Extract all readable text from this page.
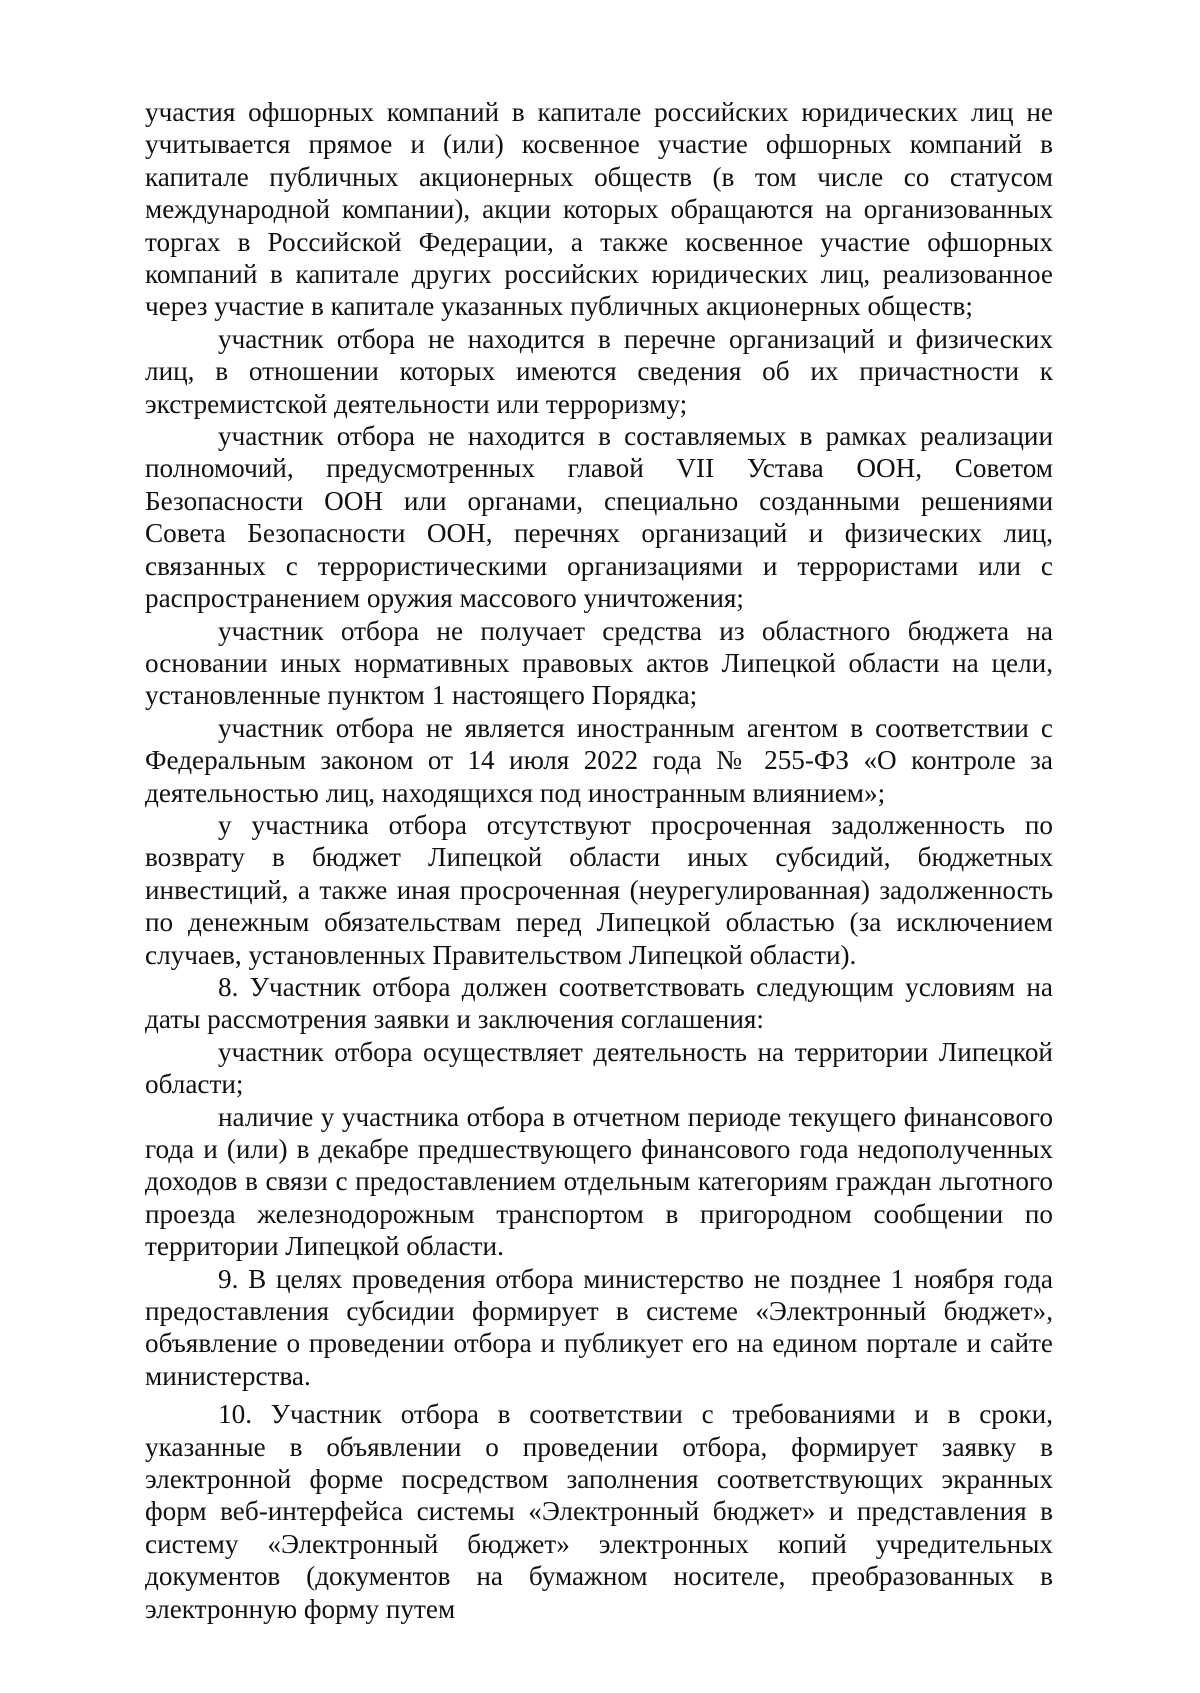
участия офшорных компаний в капитале российских юридических лиц не учитывается прямое и (или) косвенное участие офшорных компаний в капитале публичных акционерных обществ (в том числе со статусом международной компании), акции которых обращаются на организованных торгах в Российской Федерации, а также косвенное участие офшорных компаний в капитале других российских юридических лиц, реализованное через участие в капитале указанных публичных акционерных обществ;

участник отбора не находится в перечне организаций и физических лиц, в отношении которых имеются сведения об их причастности к экстремистской деятельности или терроризму;

участник отбора не находится в составляемых в рамках реализации полномочий, предусмотренных главой VII Устава ООН, Советом Безопасности ООН или органами, специально созданными решениями Совета Безопасности ООН, перечнях организаций и физических лиц, связанных с террористическими организациями и террористами или с распространением оружия массового уничтожения;

участник отбора не получает средства из областного бюджета на основании иных нормативных правовых актов Липецкой области на цели, установленные пунктом 1 настоящего Порядка;

участник отбора не является иностранным агентом в соответствии с Федеральным законом от 14 июля 2022 года № 255-ФЗ «О контроле за деятельностью лиц, находящихся под иностранным влиянием»;

у участника отбора отсутствуют просроченная задолженность по возврату в бюджет Липецкой области иных субсидий, бюджетных инвестиций, а также иная просроченная (неурегулированная) задолженность по денежным обязательствам перед Липецкой областью (за исключением случаев, установленных Правительством Липецкой области).

8. Участник отбора должен соответствовать следующим условиям на даты рассмотрения заявки и заключения соглашения:

участник отбора осуществляет деятельность на территории Липецкой области;

наличие у участника отбора в отчетном периоде текущего финансового года и (или) в декабре предшествующего финансового года недополученных доходов в связи с предоставлением отдельным категориям граждан льготного проезда железнодорожным транспортом в пригородном сообщении по территории Липецкой области.

9. В целях проведения отбора министерство не позднее 1 ноября года предоставления субсидии формирует в системе «Электронный бюджет», объявление о проведении отбора и публикует его на едином портале и сайте министерства.

10. Участник отбора в соответствии с требованиями и в сроки, указанные в объявлении о проведении отбора, формирует заявку в электронной форме посредством заполнения соответствующих экранных форм веб-интерфейса системы «Электронный бюджет» и представления в систему «Электронный бюджет» электронных копий учредительных документов (документов на бумажном носителе, преобразованных в электронную форму путем
